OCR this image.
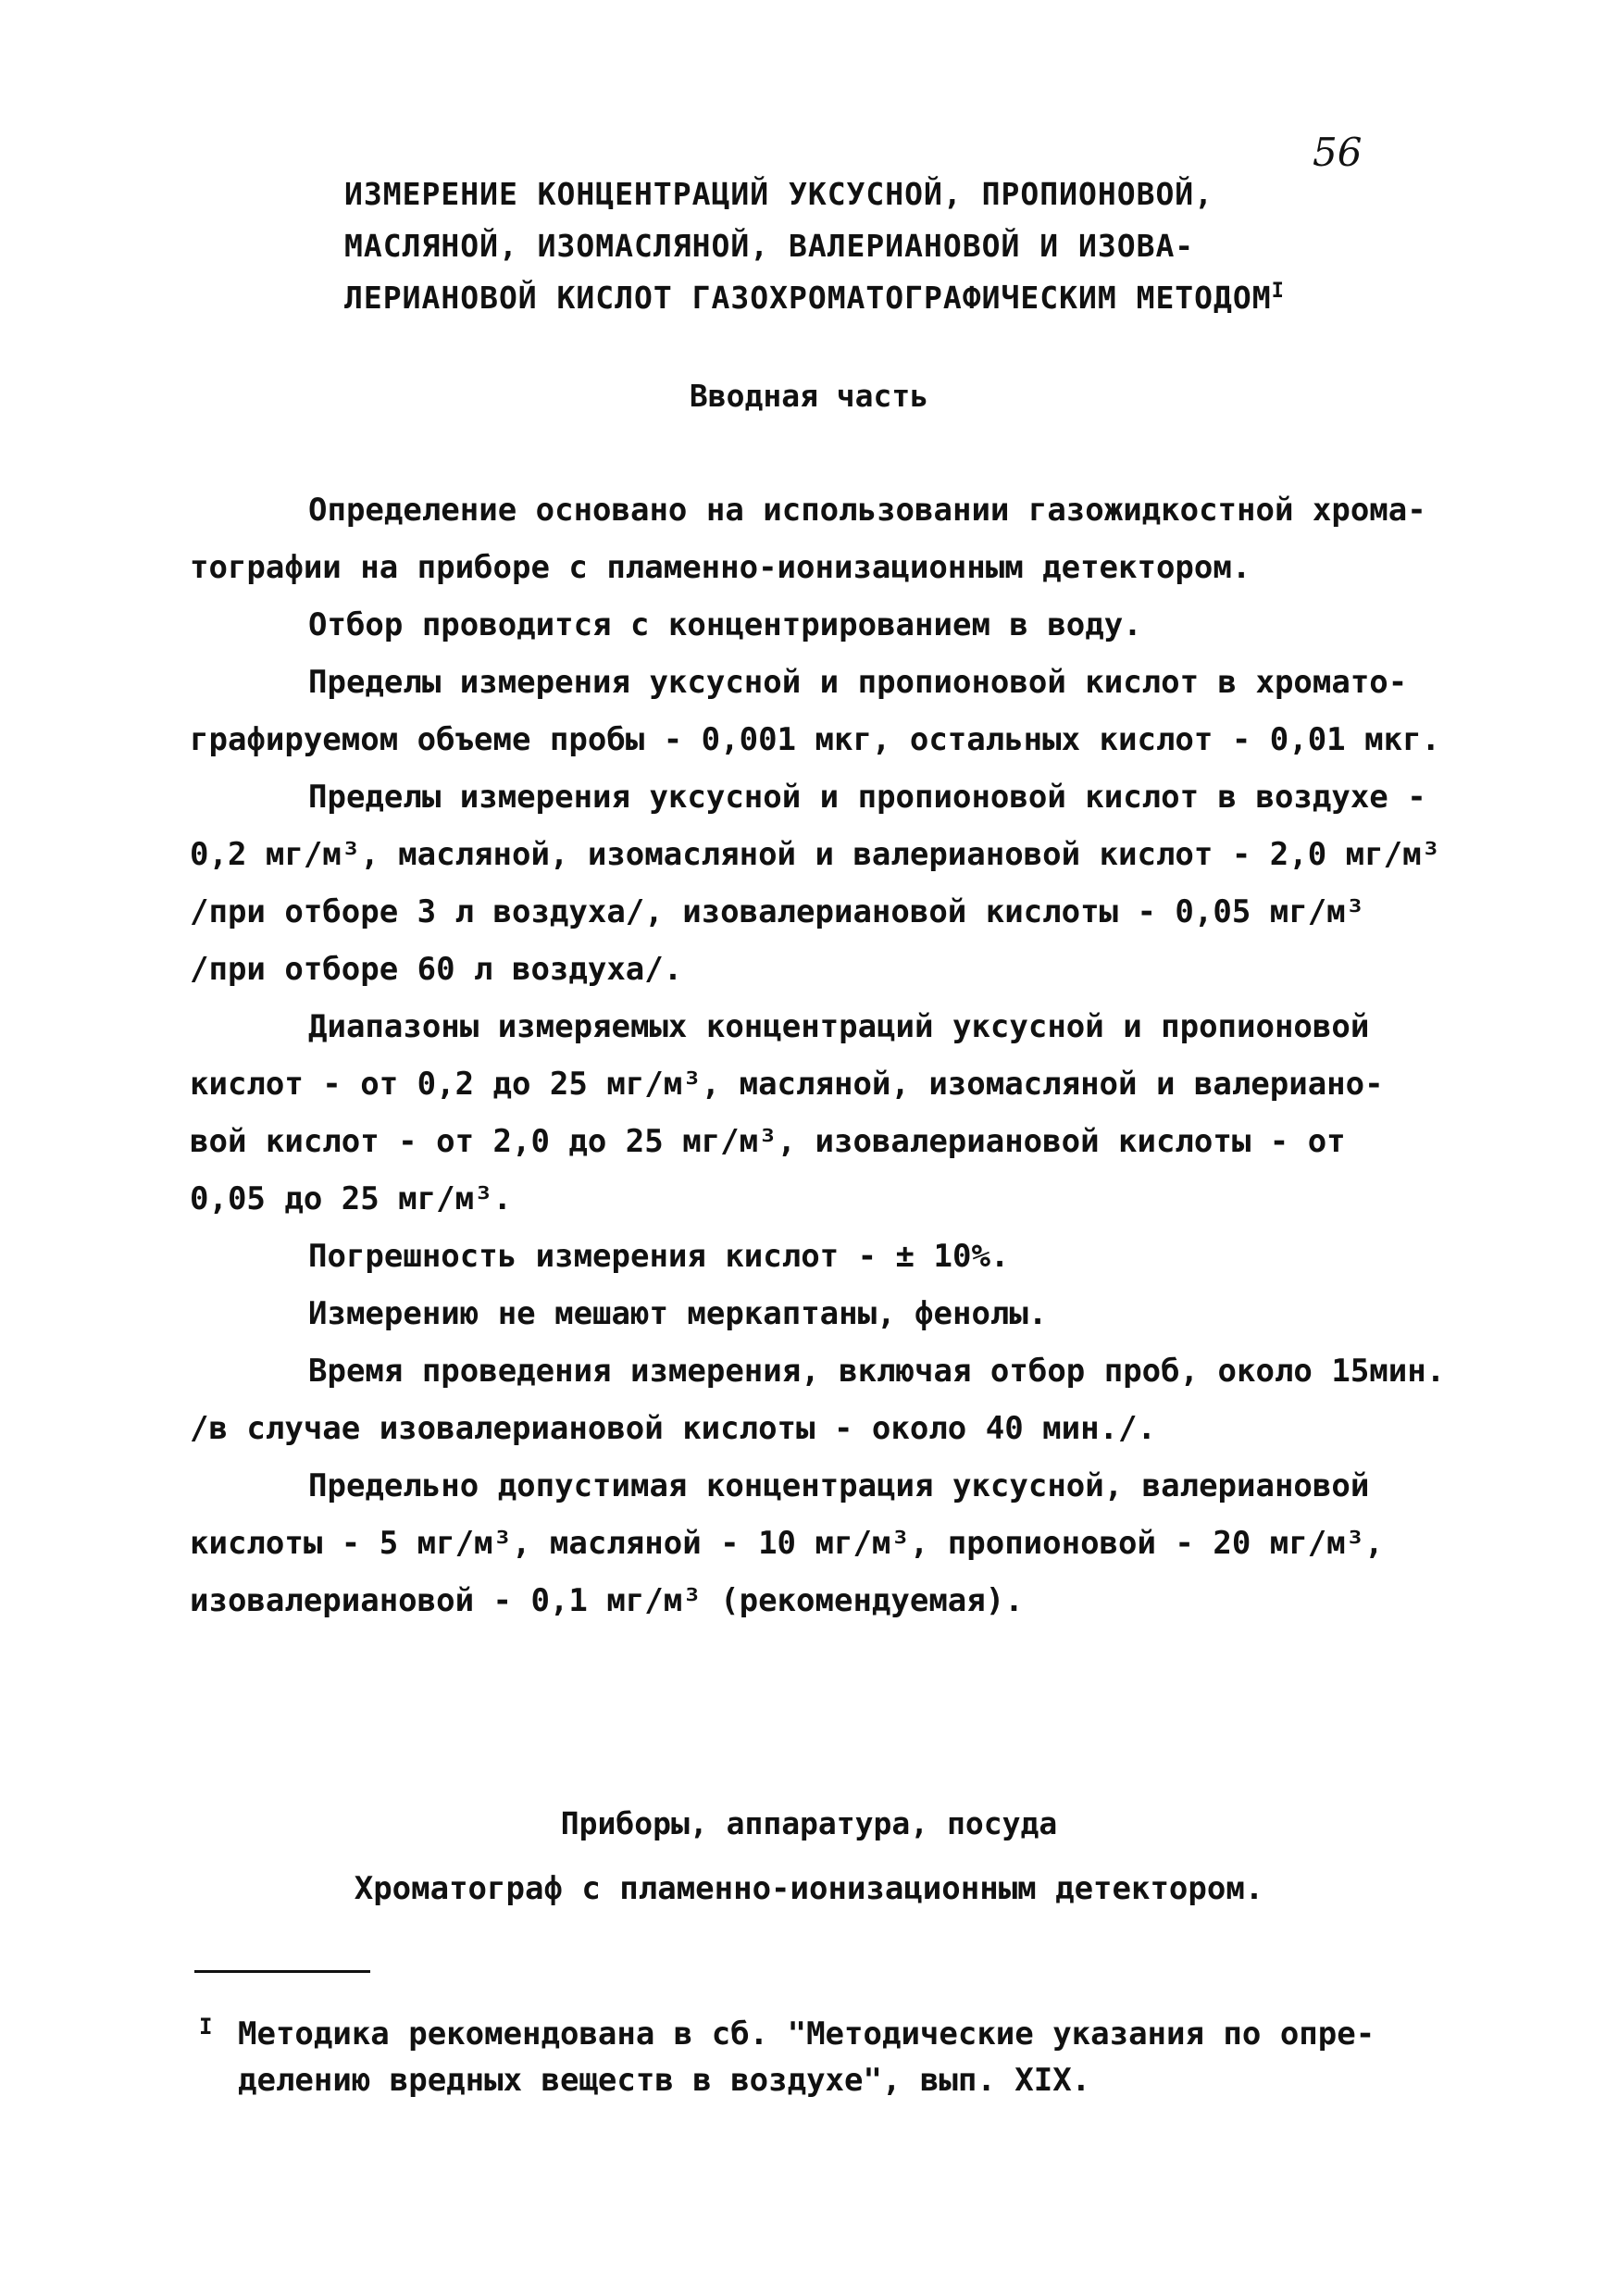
56
ИЗМЕРЕНИЕ КОНЦЕНТРАЦИЙ УКСУСНОЙ, ПРОПИОНОВОЙ,
МАСЛЯНОЙ, ИЗОМАСЛЯНОЙ, ВАЛЕРИАНОВОЙ И ИЗОВА-
ЛЕРИАНОВОЙ КИСЛОТ ГАЗОХРОМАТОГРАФИЧЕСКИМ $МЕТОДОМ^I$
Вводная часть

Определение основано на использовании газожидкостной хрома-
тографии на приборе с пламенно-ионизационным детектором.

Отбор проводится с концентрированием в воду.

Пределы измерения уксусной и пропионовой кислот в хромато-
графируемом объеме пробы - 0,001 мкг, остальных кислот - 0,01 мкг.

Пределы измерения уксусной и пропионовой кислот в воздухе -
0,2 мг/м³, масляной, изомасляной и валериановой кислот - 2,0 мг/м³
/при отборе 3 л воздуха/, изовалериановой кислоты - 0,05 мг/м³
/при отборе 60 л воздуха/.

Диапазоны измеряемых концентраций уксусной и пропионовой
кислот - от 0,2 до 25 мг/м³, масляной, изомасляной и валериано-
вой кислот - от 2,0 до 25 мг/м³, изовалериановой кислоты - от
0,05 до 25 мг/м³.

Погрешность измерения кислот - ± 10%.

Измерению не мешают меркаптаны, фенолы.

Время проведения измерения, включая отбор проб, около 15мин.
/в случае изовалериановой кислоты - около 40 мин./.

Предельно допустимая концентрация уксусной, валериановой
кислоты - 5 мг/м³, масляной - 10 мг/м³, пропионовой - 20 мг/м³,
изовалериановой - 0,1 мг/м³ (рекомендуемая).

Приборы, аппаратура, посуда
Хроматограф с пламенно-ионизационным детектором.
I Методика рекомендована в сб. "Методические указания по опре-
делению вредных веществ в воздухе", вып. XIX.
